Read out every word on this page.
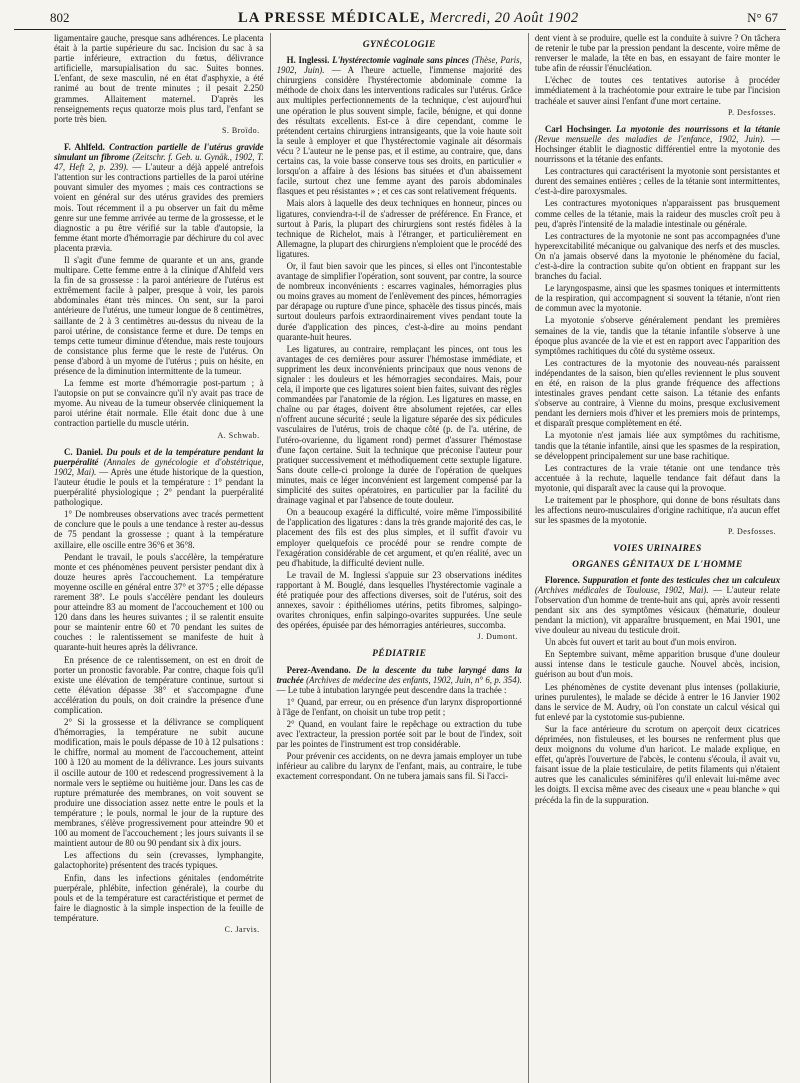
802	LA PRESSE MÉDICALE, Mercredi, 20 Août 1902	N° 67

ligamentaire gauche, presque sans adhérences. Le placenta était à la partie supérieure du sac. Incision du sac à sa partie inférieure, extraction du fœtus, délivrance artificielle, marsupialisation du sac. Suites bonnes. L'enfant, de sexe masculin, né en état d'asphyxie, a été ranimé au bout de trente minutes ; il pesait 2.250 grammes. Allaitement maternel. D'après les renseignements reçus quatorze mois plus tard, l'enfant se porte très bien.

S. Broïdo.

F. Ahlfeld. Contraction partielle de l'utérus gravide simulant un fibrome (Zeitschr. f. Geb. u. Gynäk., 1902, T. 47, Heft 2, p. 239). — L'auteur a déjà appelé antrefois l'attention sur les contractions partielles de la paroi utérine pouvant simuler des myomes ; mais ces contractions se voient en général sur des utérus gravides des premiers mois. Tout récemment il a pu observer un fait du même genre sur une femme arrivée au terme de la grossesse, et le diagnostic a pu être vérifié sur la table d'autopsie, la femme étant morte d'hémorragie par déchirure du col avec placenta prævia.

Il s'agit d'une femme de quarante et un ans, grande multipare. Cette femme entre à la clinique d'Ahlfeld vers la fin de sa grossesse : la paroi antérieure de l'utérus est extrêmement facile à palper, presque à voir, les parois abdominales étant très minces. On sent, sur la paroi antérieure de l'utérus, une tumeur longue de 8 centimètres, saillante de 2 à 3 centimètres au-dessus du niveau de la paroi utérine, de consistance ferme et dure. De temps en temps cette tumeur diminue d'étendue, mais reste toujours de consistance plus ferme que le reste de l'utérus. On pense d'abord à un myome de l'utérus ; puis on hésite, en présence de la diminution intermittente de la tumeur.

La femme est morte d'hémorragie post-partum ; à l'autopsie on put se convaincre qu'il n'y avait pas trace de myome. Au niveau de la tumeur observée cliniquement la paroi utérine était normale. Elle était donc due à une contraction partielle du muscle utérin.

A. Schwab.

C. Daniel. Du pouls et de la température pendant la puerpéralité (Annales de gynécologie et d'obstétrique, 1902, Mai). — Après une étude historique de la question, l'auteur étudie le pouls et la température : 1° pendant la puerpéralité physiologique ; 2° pendant la puerpéralité pathologique.

1° De nombreuses observations avec tracés permettent de conclure que le pouls a une tendance à rester au-dessus de 75 pendant la grossesse ; quant à la température axillaire, elle oscille entre 36°6 et 36°8.

Pendant le travail, le pouls s'accélère, la température monte et ces phénomènes peuvent persister pendant dix à douze heures après l'accouchement. La température moyenne oscille en général entre 37° et 37°5 ; elle dépasse rarement 38°. Le pouls s'accélère pendant les douleurs pour atteindre 83 au moment de l'accouchement et 100 ou 120 dans dans les heures suivantes ; il se ralentit ensuite pour se maintenir entre 60 et 70 pendant les suites de couches : le ralentissement se manifeste de huit à quarante-huit heures après la délivrance.

En présence de ce ralentissement, on est en droit de porter un pronostic favorable. Par contre, chaque fois qu'il existe une élévation de température continue, surtout si cette élévation dépasse 38° et s'accompagne d'une accélération du pouls, on doit craindre la présence d'une complication.

2° Si la grossesse et la délivrance se compliquent d'hémorragies, la température ne subit aucune modification, mais le pouls dépasse de 10 à 12 pulsations : le chiffre, normal au moment de l'accouchement, atteint 100 à 120 au moment de la délivrance. Les jours suivants il oscille autour de 100 et redescend progressivement à la normale vers le septième ou huitième jour. Dans les cas de rupture prématurée des membranes, on voit souvent se produire une dissociation assez nette entre le pouls et la température ; le pouls, normal le jour de la rupture des membranes, s'élève progressivement pour atteindre 90 et 100 au moment de l'accouchement ; les jours suivants il se maintient autour de 80 ou 90 pendant six à dix jours.

Les affections du sein (crevasses, lymphangite, galactophorite) présentent des tracés typiques.

Enfin, dans les infections génitales (endométrite puerpérale, phlébite, infection générale), la courbe du pouls et de la température est caractéristique et permet de faire le diagnostic à la simple inspection de la feuille de température.

C. Jarvis.

GYNÉCOLOGIE

H. Inglessi. L'hystérectomie vaginale sans pinces (Thèse, Paris, 1902, Juin). — A l'heure actuelle, l'immense majorité des chirurgiens considère l'hystérectomie abdominale comme la méthode de choix dans les interventions radicales sur l'utérus. Grâce aux multiples perfectionnements de la technique, c'est aujourd'hui une opération le plus souvent simple, facile, bénigne, et qui donne des résultats excellents. Est-ce à dire cependant, comme le prétendent certains chirurgiens intransigeants, que la voie haute soit la seule à employer et que l'hystérectomie vaginale ait désormais vécu ? L'auteur ne le pense pas, et il estime, au contraire, que, dans certains cas, la voie basse conserve tous ses droits, en particulier « lorsqu'on a affaire à des lésions bas situées et d'un abaissement facile, surtout chez une femme ayant des parois abdominales flasques et peu résistantes » ; et ces cas sont relativement fréquents.

Mais alors à laquelle des deux techniques en honneur, pinces ou ligatures, conviendra-t-il de s'adresser de préférence. En France, et surtout à Paris, la plupart des chirurgiens sont restés fidèles à la technique de Richelot, mais à l'étranger, et particulièrement en Allemagne, la plupart des chirurgiens n'emploient que le procédé des ligatures.

Or, il faut bien savoir que les pinces, si elles ont l'incontestable avantage de simplifier l'opération, sont souvent, par contre, la source de nombreux inconvénients : escarres vaginales, hémorragies plus ou moins graves au moment de l'enlèvement des pinces, hémorragies par dérapage ou rupture d'une pince, sphacèle des tissus pincés, mais surtout douleurs parfois extraordinairement vives pendant toute la durée d'application des pinces, c'est-à-dire au moins pendant quarante-huit heures.

Les ligatures, au contraire, remplaçant les pinces, ont tous les avantages de ces dernières pour assurer l'hémostase immédiate, et suppriment les deux inconvénients principaux que nous venons de signaler : les douleurs et les hémorragies secondaires. Mais, pour cela, il importe que ces ligatures soient bien faites, suivant des règles commandées par l'anatomie de la région. Les ligatures en masse, en chaîne ou par étages, doivent être absolument rejetées, car elles n'offrent aucune sécurité ; seule la ligature séparée des six pédicules vasculaires de l'utérus, trois de chaque côté (p. de l'a. utérine, de l'utéro-ovarienne, du ligament rond) permet d'assurer l'hémostase d'une façon certaine. Suit la technique que préconise l'auteur pour pratiquer successivement et méthodiquement cette sextuple ligature. Sans doute celle-ci prolonge la durée de l'opération de quelques minutes, mais ce léger inconvénient est largement compensé par la simplicité des suites opératoires, en particulier par la facilité du drainage vaginal et par l'absence de toute douleur.

On a beaucoup exagéré la difficulté, voire même l'impossibilité de l'application des ligatures : dans la très grande majorité des cas, le placement des fils est des plus simples, et il suffit d'avoir vu employer quelquefois ce procédé pour se rendre compte de l'exagération considérable de cet argument, et qu'en réalité, avec un peu d'habitude, la difficulté devient nulle.

Le travail de M. Inglessi s'appuie sur 23 observations inédites rapportant à M. Bouglé, dans lesquelles l'hystérectomie vaginale a été pratiquée pour des affections diverses, soit de l'utérus, soit des annexes, savoir : épithéliomes utérins, petits fibromes, salpingo-ovarites chroniques, enfin salpingo-ovarites suppurées. Une seule des opérées, épuisée par des hémorragies antérieures, succomba.

J. Dumont.

PÉDIATRIE

Perez-Avendano. De la descente du tube laryngé dans la trachée (Archives de médecine des enfants, 1902, Juin, n° 6, p. 354). — Le tube à intubation laryngée peut descendre dans la trachée :

1° Quand, par erreur, ou en présence d'un larynx disproportionné à l'âge de l'enfant, on choisit un tube trop petit ;

2° Quand, en voulant faire le repêchage ou extraction du tube avec l'extracteur, la pression portée soit par le bout de l'index, soit par les pointes de l'instrument est trop considérable.

Pour prévenir ces accidents, on ne devra jamais employer un tube inférieur au calibre du larynx de l'enfant, mais, au contraire, le tube exactement correspondant. On ne tubera jamais sans fil. Si l'acci-

dent vient à se produire, quelle est la conduite à suivre ? On tâchera de retenir le tube par la pression pendant la descente, voire même de renverser le malade, la tête en bas, en essayant de faire monter le tube afin de réussir l'énucléation.

L'échec de toutes ces tentatives autorise à procéder immédiatement à la trachéotomie pour extraire le tube par l'incision trachéale et sauver ainsi l'enfant d'une mort certaine.

P. Desfosses.

Carl Hochsinger. La myotonie des nourrissons et la tétanie (Revue mensuelle des maladies de l'enfance, 1902, Juin). — Hochsinger établit le diagnostic différentiel entre la myotonie des nourrissons et la tétanie des enfants.

Les contractures qui caractérisent la myotonie sont persistantes et durent des semaines entières ; celles de la tétanie sont intermittentes, c'est-à-dire paroxysmales.

Les contractures myotoniques n'apparaissent pas brusquement comme celles de la tétanie, mais la raideur des muscles croît peu à peu, d'après l'intensité de la maladie intestinale ou générale.

Les contractures de la myotonie ne sont pas accompagnées d'une hyperexcitabilité mécanique ou galvanique des nerfs et des muscles. On n'a jamais observé dans la myotonie le phénomène du facial, c'est-à-dire la contraction subite qu'on obtient en frappant sur les branches du facial.

Le laryngospasme, ainsi que les spasmes toniques et intermittents de la respiration, qui accompagnent si souvent la tétanie, n'ont rien de commun avec la myotonie.

La myotonie s'observe généralement pendant les premières semaines de la vie, tandis que la tétanie infantile s'observe à une époque plus avancée de la vie et est en rapport avec l'apparition des symptômes rachitiques du côté du système osseux.

Les contractures de la myotonie des nouveau-nés paraissent indépendantes de la saison, bien qu'elles reviennent le plus souvent en été, en raison de la plus grande fréquence des affections intestinales graves pendant cette saison. La tétanie des enfants s'observe au contraire, à Vienne du moins, presque exclusivement pendant les derniers mois d'hiver et les premiers mois de printemps, et disparaît presque complètement en été.

La myotonie n'est jamais liée aux symptômes du rachitisme, tandis que la tétanie infantile, ainsi que les spasmes de la respiration, se développent principalement sur une base rachitique.

Les contractures de la vraie tétanie ont une tendance très accentuée à la rechute, laquelle tendance fait défaut dans la myotonie, qui disparaît avec la cause qui la provoque.

Le traitement par le phosphore, qui donne de bons résultats dans les affections neuro-musculaires d'origine rachitique, n'a aucun effet sur les spasmes de la myotonie.

P. Desfosses.

VOIES URINAIRES
ORGANES GÉNITAUX DE L'HOMME

Florence. Suppuration et fonte des testicules chez un calculeux (Archives médicales de Toulouse, 1902, Mai). — L'auteur relate l'observation d'un homme de trente-huit ans qui, après avoir ressenti pendant six ans des symptômes vésicaux (hématurie, douleur pendant la miction), vit apparaître brusquement, en Mai 1901, une vive douleur au niveau du testicule droit.

Un abcès fut ouvert et tarit au bout d'un mois environ.

En Septembre suivant, même apparition brusque d'une douleur aussi intense dans le testicule gauche. Nouvel abcès, incision, guérison au bout d'un mois.

Les phénomènes de cystite devenant plus intenses (pollakiurie, urines purulentes), le malade se décide à entrer le 16 Janvier 1902 dans le service de M. Audry, où l'on constate un calcul vésical qui fut enlevé par la cystotomie sus-pubienne.

Sur la face antérieure du scrotum on aperçoit deux cicatrices déprimées, non fistuleuses, et les bourses ne renferment plus que deux moignons du volume d'un haricot. Le malade explique, en effet, qu'après l'ouverture de l'abcès, le contenu s'écoula, il avait vu, faisant issue de la plaie testiculaire, de petits filaments qui n'étaient autres que les canalicules séminifères qu'il enlevait lui-même avec les doigts. Il excisa même avec des ciseaux une « peau blanche » qui précéda la fin de la suppuration.
